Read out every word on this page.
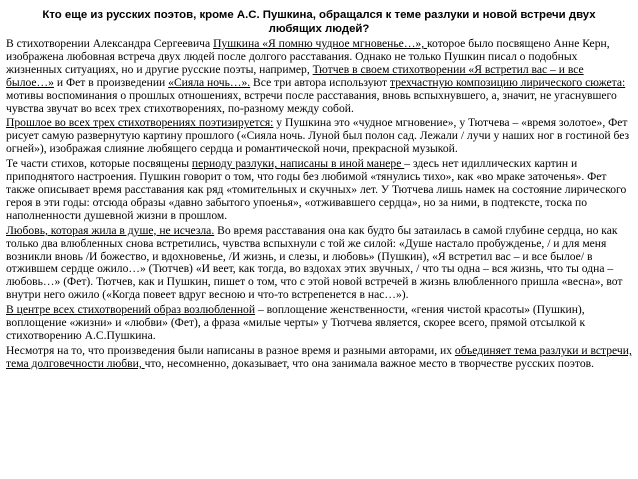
Кто еще из русских поэтов, кроме А.С. Пушкина, обращался к теме разлуки и новой встречи двух любящих людей?

В стихотворении Александра Сергеевича Пушкина «Я помню чудное мгновенье…», которое было посвящено Анне Керн, изображена любовная встреча двух людей после долгого расставания. Однако не только Пушкин писал о подобных жизненных ситуациях, но и другие русские поэты, например, Тютчев в своем стихотворении «Я встретил вас – и все былое…» и Фет в произведении «Сияла ночь…». Все три автора используют трехчастную композицию лирического сюжета: мотивы воспоминания о прошлых отношениях, встречи после расставания, вновь вспыхнувшего, а, значит, не угаснувшего чувства звучат во всех трех стихотворениях, по-разному между собой.

Прошлое во всех трех стихотворениях поэтизируется: у Пушкина это «чудное мгновение», у Тютчева – «время золотое», Фет рисует самую развернутую картину прошлого («Сияла ночь. Луной был полон сад. Лежали / лучи у наших ног в гостиной без огней»), изображая слияние любящего сердца и романтической ночи, прекрасной музыкой.

Те части стихов, которые посвящены периоду разлуки, написаны в иной манере – здесь нет идиллических картин и приподнятого настроения. Пушкин говорит о том, что годы без любимой «тянулись тихо», как «во мраке заточенья». Фет также описывает время расставания как ряд «томительных и скучных» лет. У Тютчева лишь намек на состояние лирического героя в эти годы: отсюда образы «давно забытого упоенья», «отживавшего сердца», но за ними, в подтексте, тоска по наполненности душевной жизни в прошлом.

Любовь, которая жила в душе, не исчезла. Во время расставания она как будто бы затаилась в самой глубине сердца, но как только два влюбленных снова встретились, чувства вспыхнули с той же силой: «Душе настало пробужденье, / и для меня возникли вновь /И божество, и вдохновенье, /И жизнь, и слезы, и любовь» (Пушкин), «Я встретил вас – и все былое/ в отжившем сердце ожило…» (Тютчев) «И веет, как тогда, во вздохах этих звучных, / что ты одна – вся жизнь, что ты одна – любовь…» (Фет). Тютчев, как и Пушкин, пишет о том, что с этой новой встречей в жизнь влюбленного пришла «весна», вот внутри него ожило («Когда повеет вдруг весною и что-то встрепенется в нас…»).

В центре всех стихотворений образ возлюбленной – воплощение женственности, «гения чистой красоты» (Пушкин), воплощение «жизни» и «любви» (Фет), а фраза «милые черты» у Тютчева является, скорее всего, прямой отсылкой к стихотворению А.С.Пушкина.

Несмотря на то, что произведения были написаны в разное время и разными авторами, их объединяет тема разлуки и встречи, тема долговечности любви, что, несомненно, доказывает, что она занимала важное место в творчестве русских поэтов.
